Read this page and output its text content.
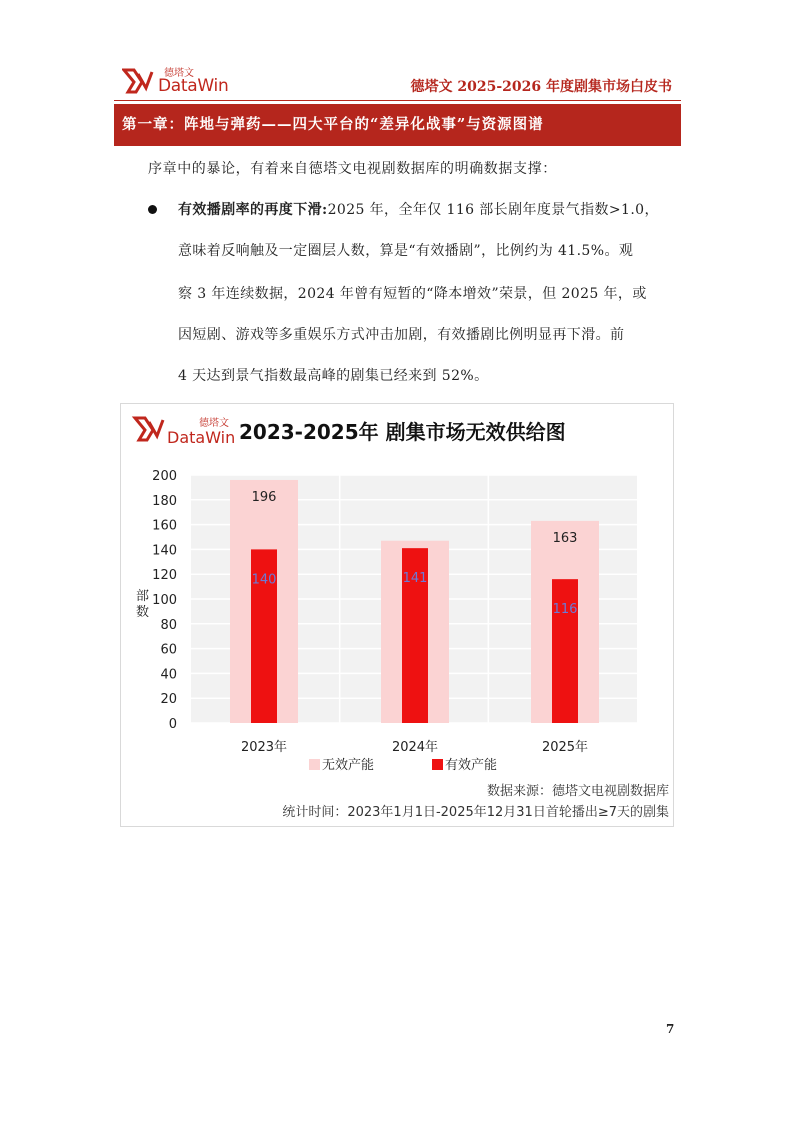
德塔文
DataWin	德塔文 2025-2026 年度剧集市场白皮书
第一章：阵地与弹药——四大平台的“差异化战事”与资源图谱
序章中的暴论，有着来自德塔文电视剧数据库的明确数据支撑：
有效播剧率的再度下滑:2025 年，全年仅 116 部长剧年度景气指数>1.0，
意味着反响触及一定圈层人数，算是“有效播剧”，比例约为 41.5%。观
察 3 年连续数据，2024 年曾有短暂的“降本增效”荣景，但 2025 年，或
因短剧、游戏等多重娱乐方式冲击加剧，有效播剧比例明显再下滑。前
4 天达到景气指数最高峰的剧集已经来到 52%。
德塔文
DataWin 2023-2025年 剧集市场无效供给图
0
20
40
60
80
100
120
140
160
180
200
部
数
196
140
2023年
141
2024年
163
116
2025年
无效产能	有效产能
数据来源：德塔文电视剧数据库
统计时间：2023年1月1日-2025年12月31日首轮播出≥7天的剧集
7
